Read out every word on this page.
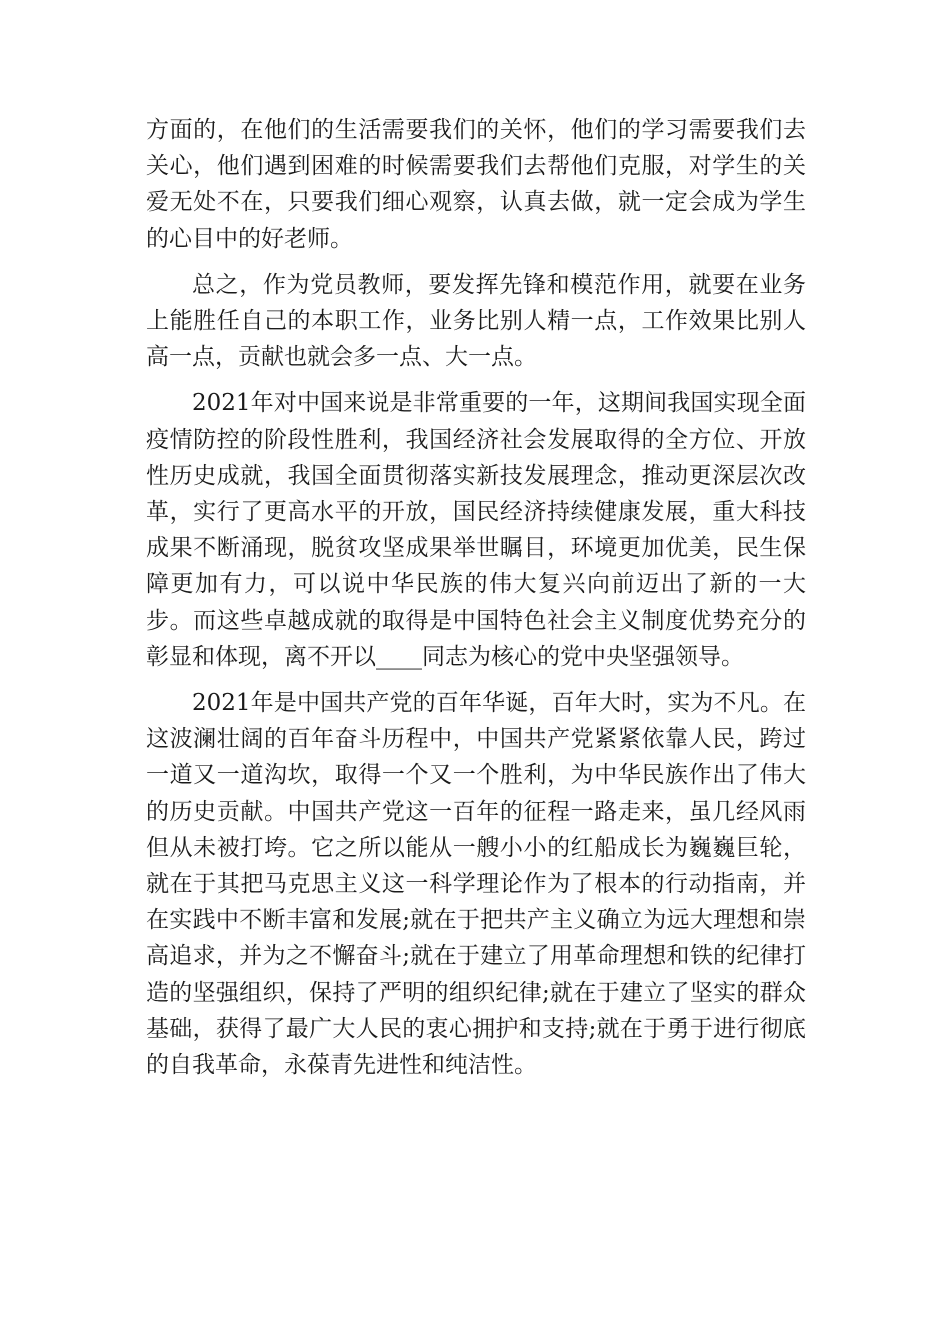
方面的，在他们的生活需要我们的关怀，他们的学习需要我们去关心，他们遇到困难的时候需要我们去帮他们克服，对学生的关爱无处不在，只要我们细心观察，认真去做，就一定会成为学生的心目中的好老师。

总之，作为党员教师，要发挥先锋和模范作用，就要在业务上能胜任自己的本职工作，业务比别人精一点，工作效果比别人高一点，贡献也就会多一点、大一点。

2021年对中国来说是非常重要的一年，这期间我国实现全面疫情防控的阶段性胜利，我国经济社会发展取得的全方位、开放性历史成就，我国全面贯彻落实新技发展理念，推动更深层次改革，实行了更高水平的开放，国民经济持续健康发展，重大科技成果不断涌现，脱贫攻坚成果举世瞩目，环境更加优美，民生保障更加有力，可以说中华民族的伟大复兴向前迈出了新的一大步。而这些卓越成就的取得是中国特色社会主义制度优势充分的彰显和体现，离不开以____同志为核心的党中央坚强领导。

2021年是中国共产党的百年华诞，百年大时，实为不凡。在这波澜壮阔的百年奋斗历程中，中国共产党紧紧依靠人民，跨过一道又一道沟坎，取得一个又一个胜利，为中华民族作出了伟大的历史贡献。中国共产党这一百年的征程一路走来，虽几经风雨但从未被打垮。它之所以能从一艘小小的红船成长为巍巍巨轮，就在于其把马克思主义这一科学理论作为了根本的行动指南，并在实践中不断丰富和发展;就在于把共产主义确立为远大理想和崇高追求，并为之不懈奋斗;就在于建立了用革命理想和铁的纪律打造的坚强组织，保持了严明的组织纪律;就在于建立了坚实的群众基础，获得了最广大人民的衷心拥护和支持;就在于勇于进行彻底的自我革命，永葆青先进性和纯洁性。
